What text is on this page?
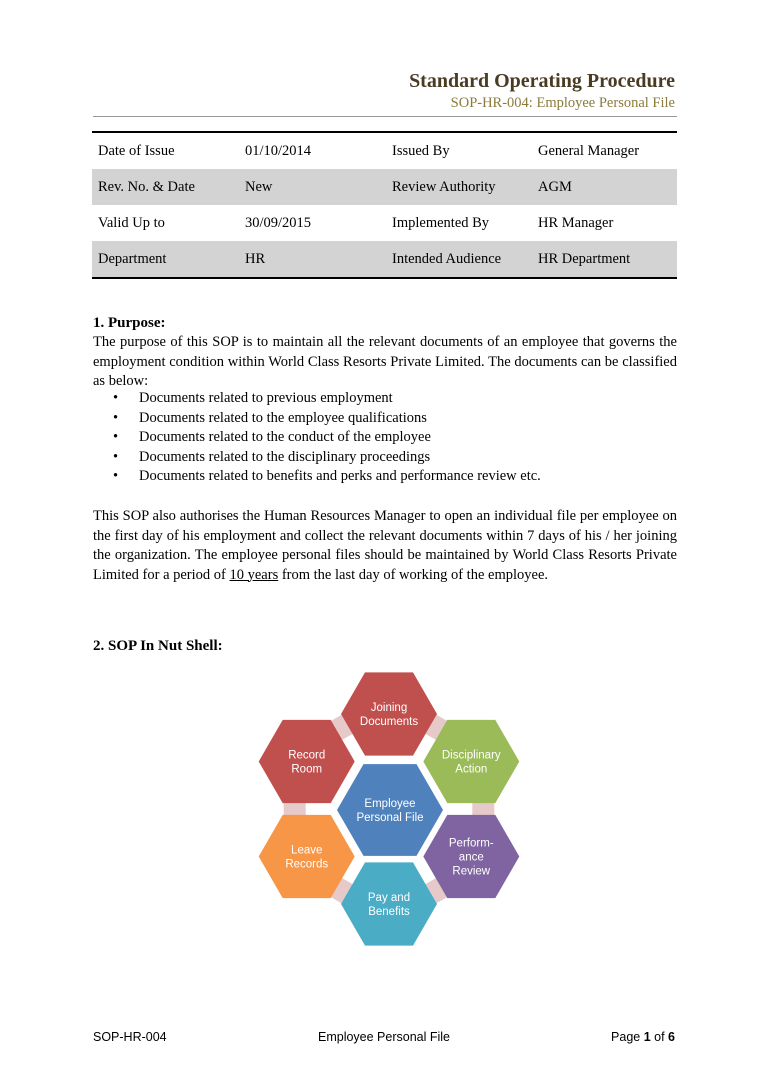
Standard Operating Procedure
SOP-HR-004: Employee Personal File
Date of Issue	01/10/2014	Issued By	General Manager
Rev. No. & Date	New	Review Authority	AGM
Valid Up to	30/09/2015	Implemented By	HR Manager
Department	HR	Intended Audience	HR Department
1. Purpose:
The purpose of this SOP is to maintain all the relevant documents of an employee that governs the employment condition within World Class Resorts Private Limited. The documents can be classified as below:
• Documents related to previous employment
• Documents related to the employee qualifications
• Documents related to the conduct of the employee
• Documents related to the disciplinary proceedings
• Documents related to benefits and perks and performance review etc.
This SOP also authorises the Human Resources Manager to open an individual file per employee on the first day of his employment and collect the relevant documents within 7 days of his / her joining the organization. The employee personal files should be maintained by World Class Resorts Private Limited for a period of 10 years from the last day of working of the employee.
2. SOP In Nut Shell:
Joining Documents
Disciplinary Action
Perform-ance Review
Pay and Benefits
Leave Records
Record Room
Employee Personal File
SOP-HR-004	Employee Personal File	Page 1 of 6
